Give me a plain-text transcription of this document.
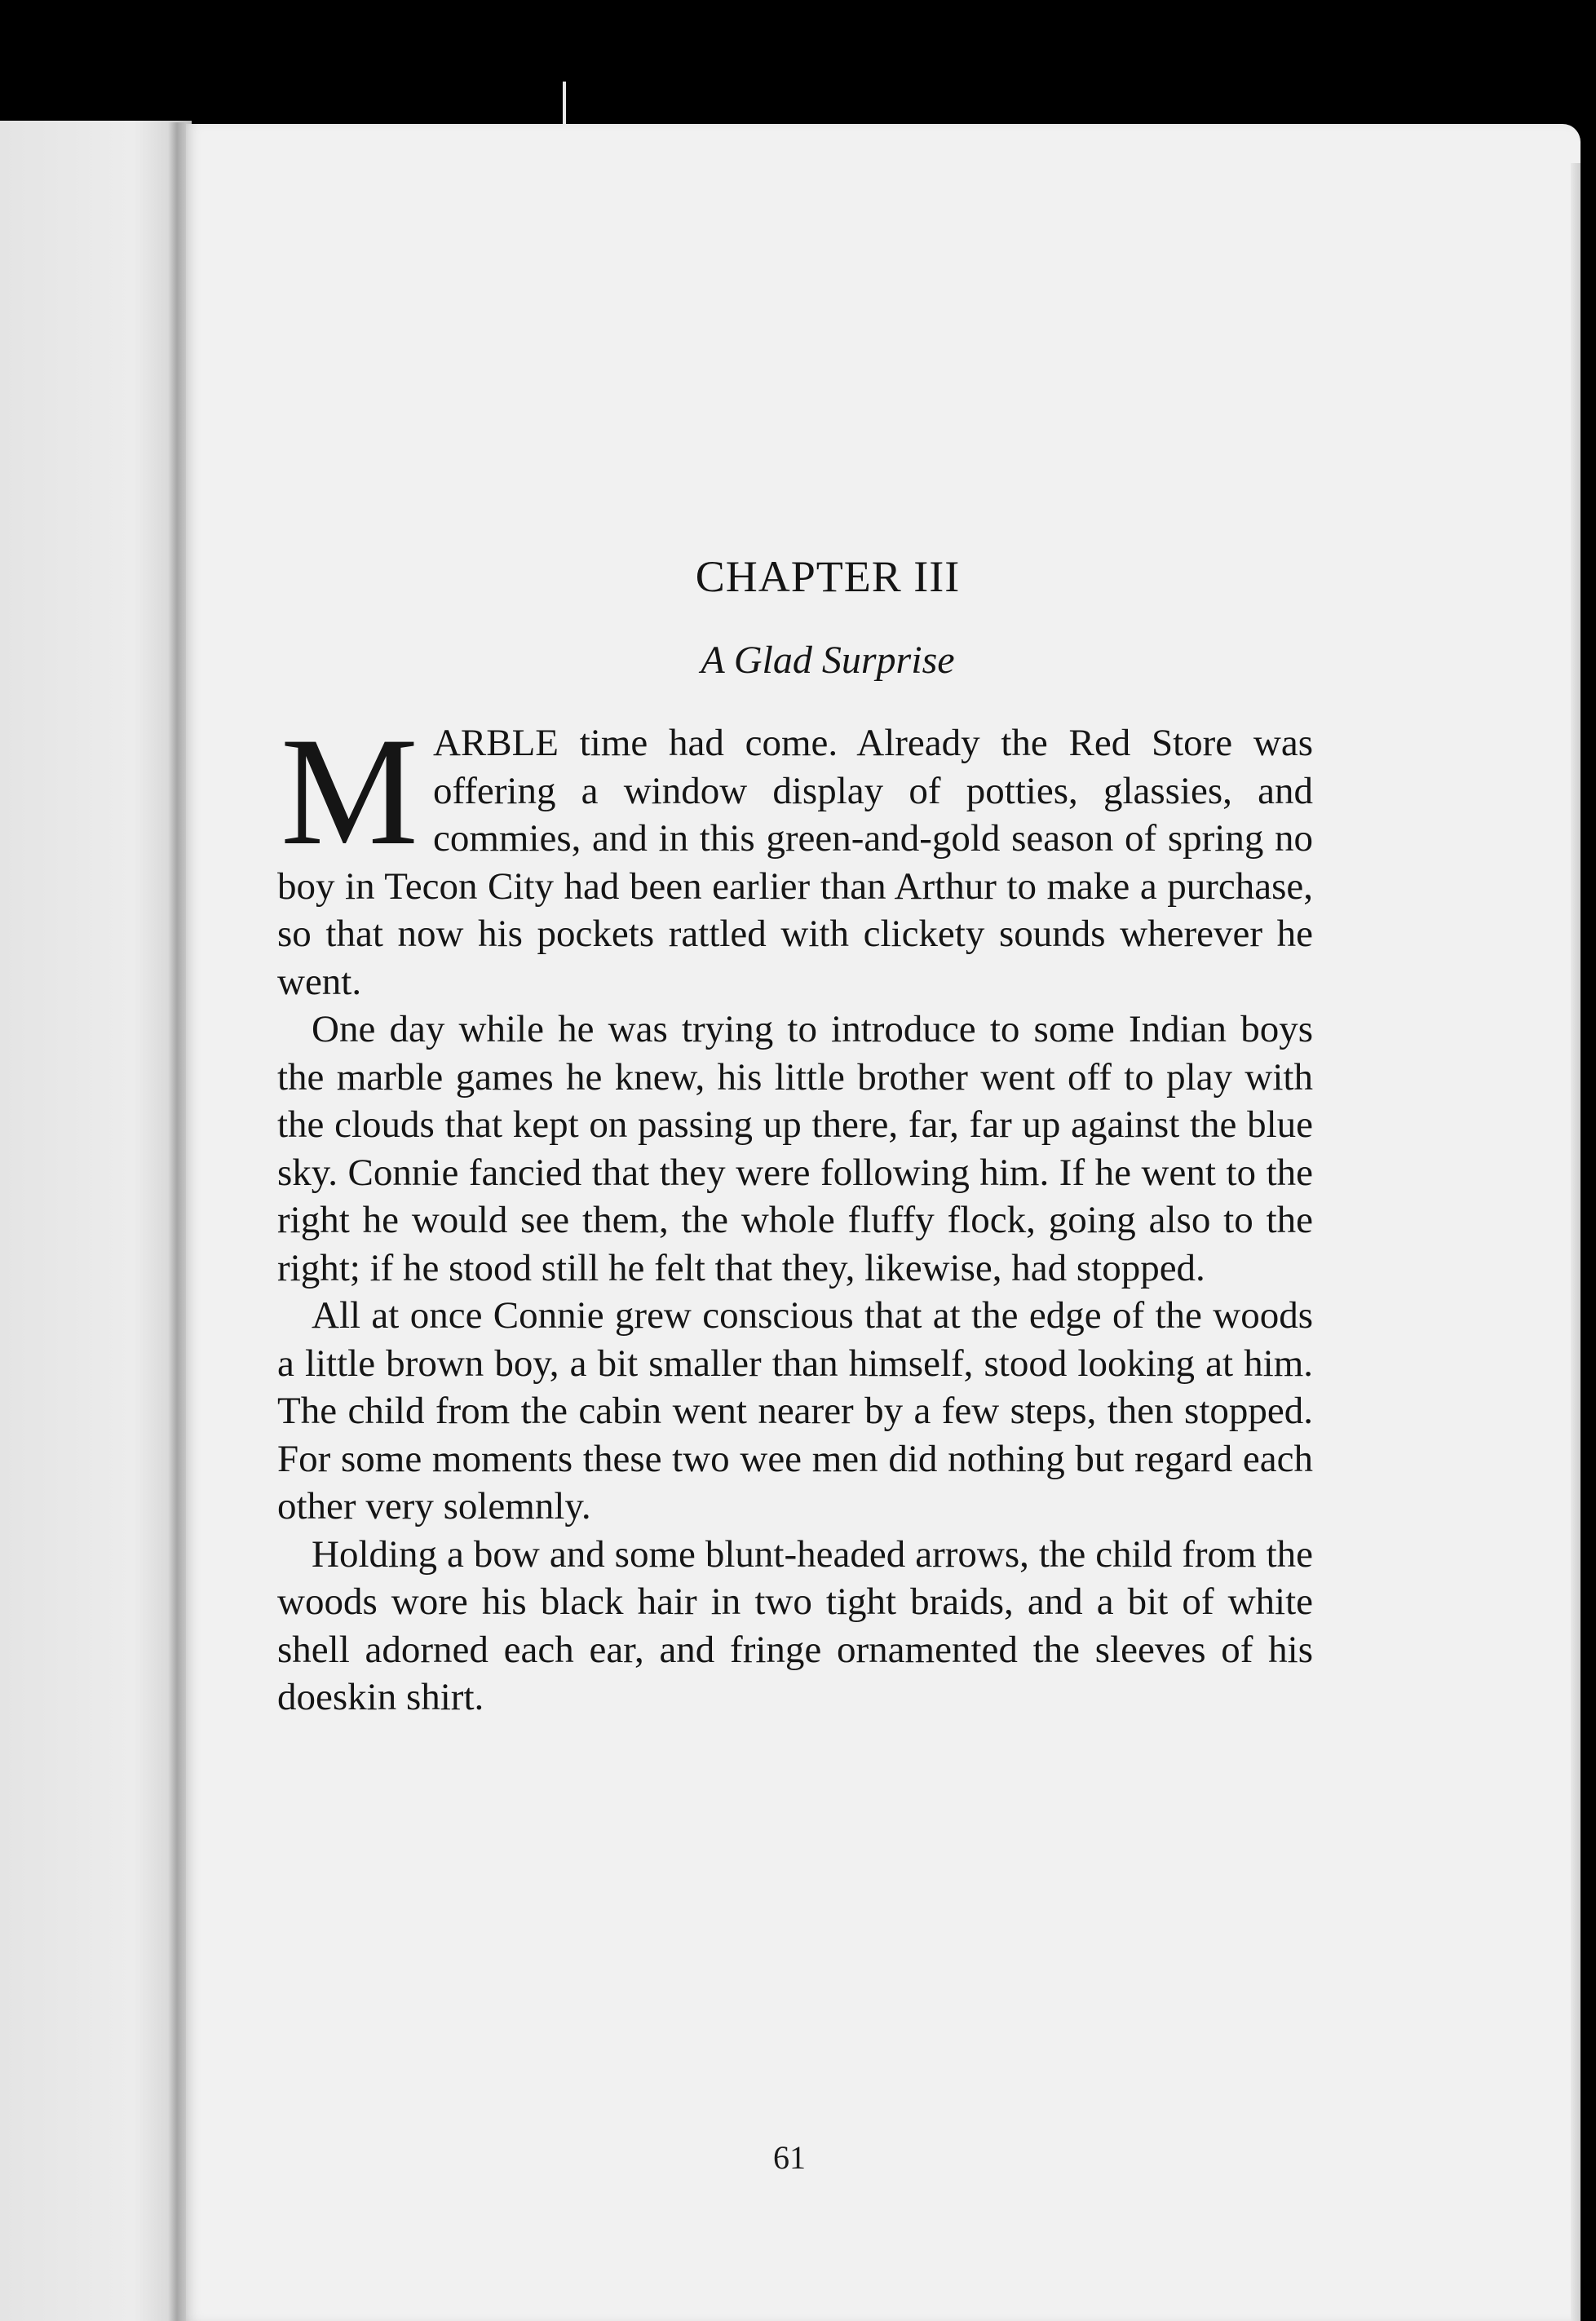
CHAPTER III
A Glad Surprise

MARBLE time had come. Already the Red Store was offering a window display of potties, glassies, and commies, and in this green-and-gold season of spring no boy in Tecon City had been earlier than Arthur to make a purchase, so that now his pockets rattled with clickety sounds wherever he went.

One day while he was trying to introduce to some Indian boys the marble games he knew, his little brother went off to play with the clouds that kept on passing up there, far, far up against the blue sky. Connie fancied that they were following him. If he went to the right he would see them, the whole fluffy flock, going also to the right; if he stood still he felt that they, likewise, had stopped.

All at once Connie grew conscious that at the edge of the woods a little brown boy, a bit smaller than himself, stood looking at him. The child from the cabin went nearer by a few steps, then stopped. For some moments these two wee men did nothing but regard each other very solemnly.

Holding a bow and some blunt-headed arrows, the child from the woods wore his black hair in two tight braids, and a bit of white shell adorned each ear, and fringe ornamented the sleeves of his doeskin shirt.

61
